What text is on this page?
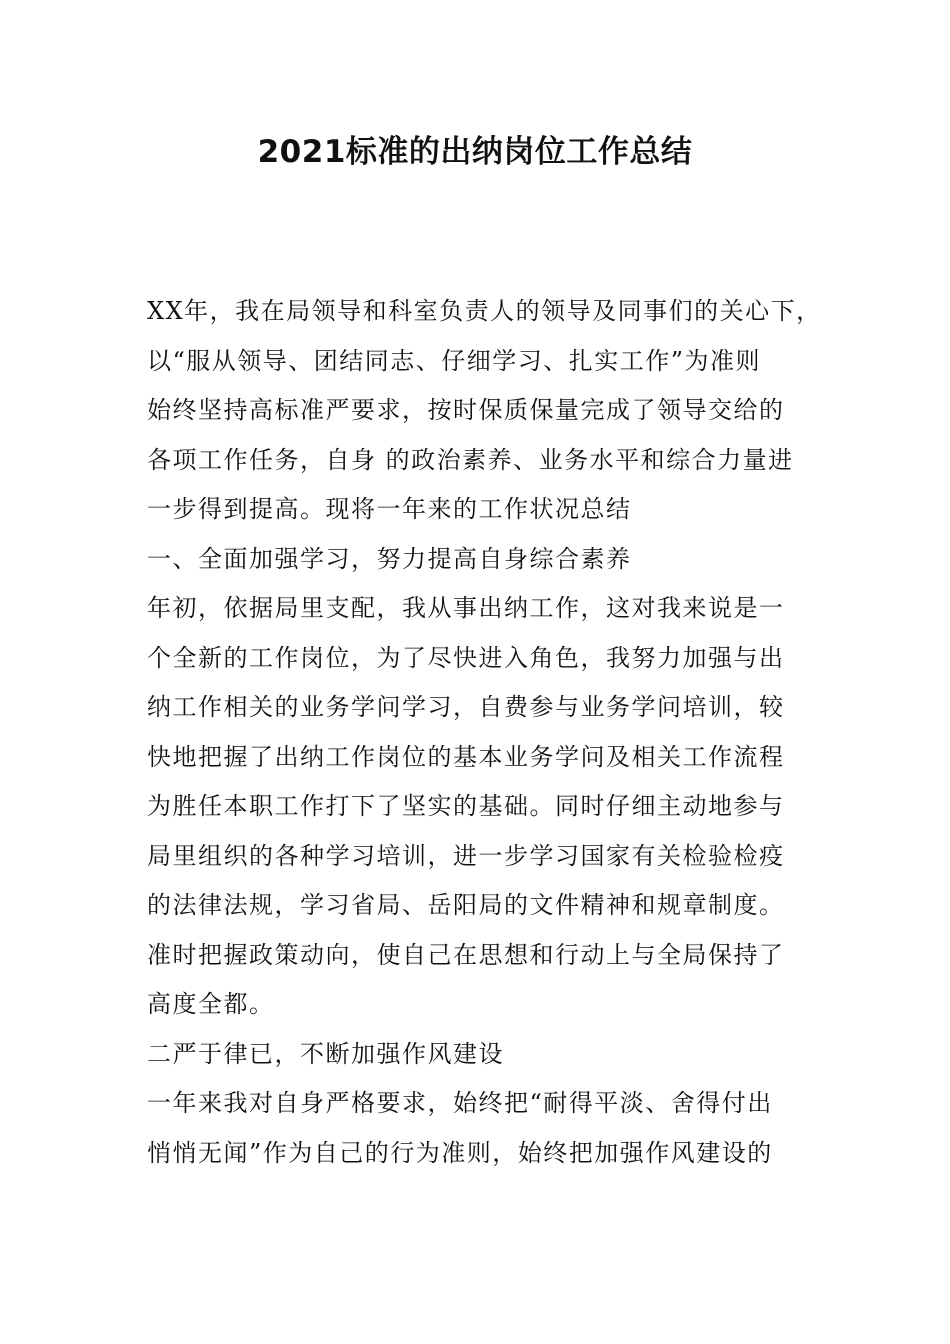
2021标准的出纳岗位工作总结
XX年，我在局领导和科室负责人的领导及同事们的关心下，
以“服从领导、团结同志、仔细学习、扎实工作”为准则
始终坚持高标准严要求，按时保质保量完成了领导交给的
各项工作任务，自身 的政治素养、业务水平和综合力量进
一步得到提高。现将一年来的工作状况总结
一、全面加强学习，努力提高自身综合素养
年初，依据局里支配，我从事出纳工作，这对我来说是一
个全新的工作岗位，为了尽快进入角色，我努力加强与出
纳工作相关的业务学问学习，自费参与业务学问培训，较
快地把握了出纳工作岗位的基本业务学问及相关工作流程
为胜任本职工作打下了坚实的基础。同时仔细主动地参与
局里组织的各种学习培训，进一步学习国家有关检验检疫
的法律法规，学习省局、岳阳局的文件精神和规章制度。
准时把握政策动向，使自己在思想和行动上与全局保持了
高度全都。
二严于律已，不断加强作风建设
一年来我对自身严格要求，始终把“耐得平淡、舍得付出
悄悄无闻”作为自己的行为准则，始终把加强作风建设的
